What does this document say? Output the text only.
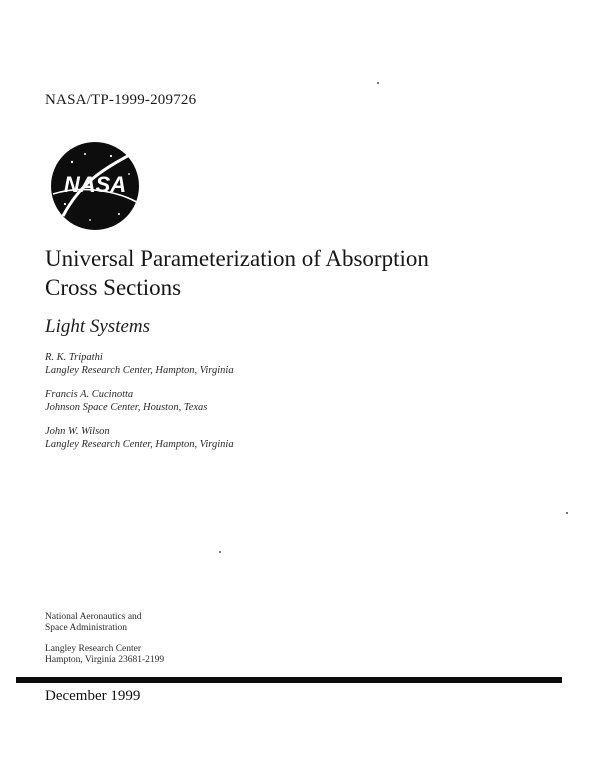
NASA/TP-1999-209726
NASA
Universal Parameterization of Absorption
Cross Sections
Light Systems
R. K. Tripathi
Langley Research Center, Hampton, Virginia
Francis A. Cucinotta
Johnson Space Center, Houston, Texas
John W. Wilson
Langley Research Center, Hampton, Virginia
National Aeronautics and
Space Administration
Langley Research Center
Hampton, Virginia 23681-2199
December 1999
